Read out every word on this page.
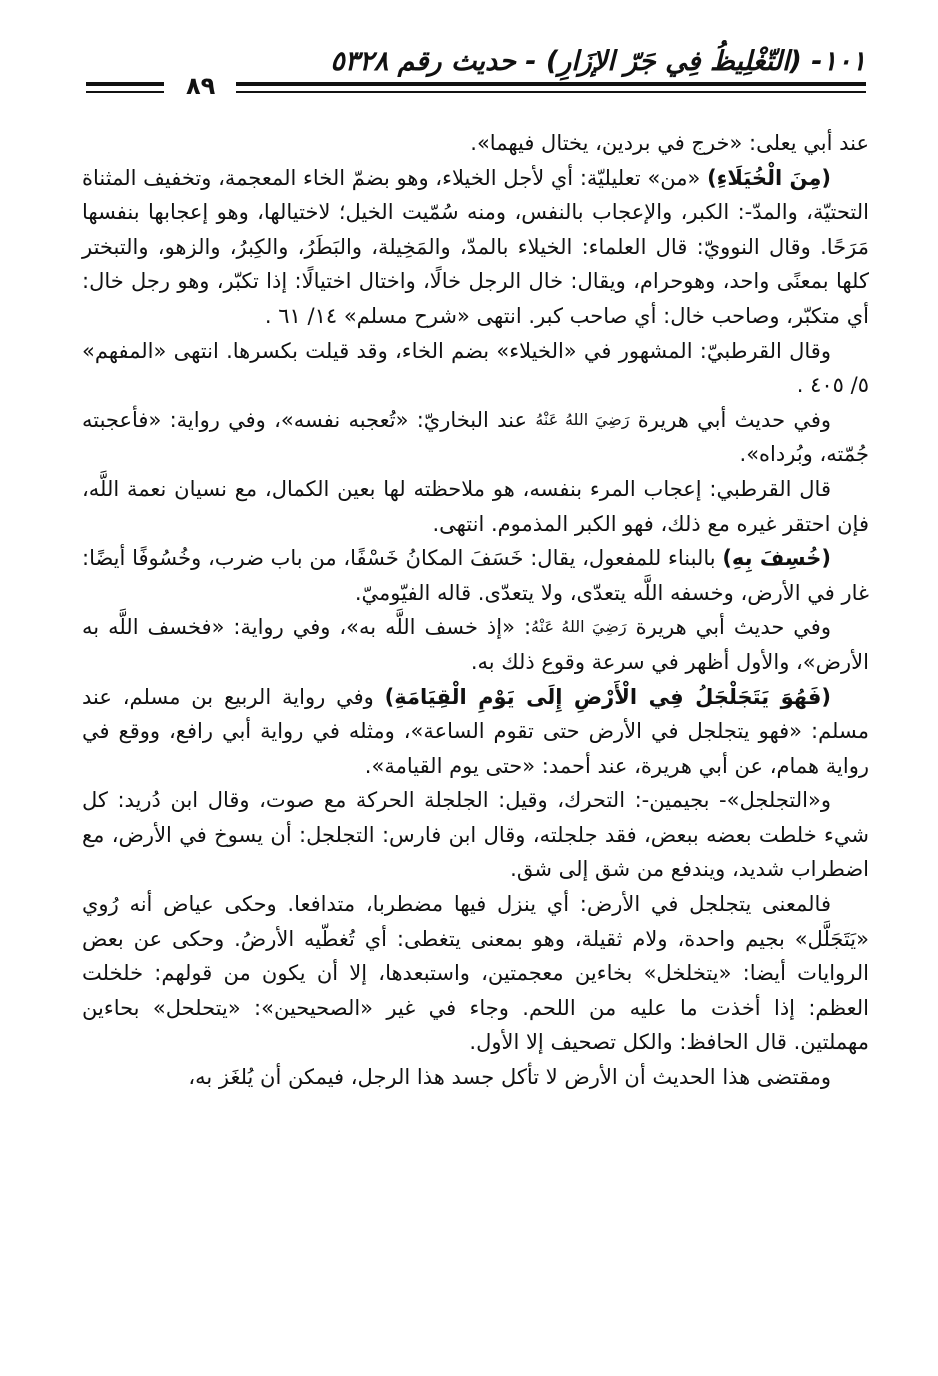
١٠١- (التّغْلِيظُ فِي جَرّ الإزَارِ) - حديث رقم ٥٣٢٨
٨٩

عند أبي يعلى: «خرج في بردين، يختال فيهما».

(مِنَ الْخُيَلَاءِ) «من» تعليليّة: أي لأجل الخيلاء، وهو بضمّ الخاء المعجمة، وتخفيف المثناة التحتيّة، والمدّ-: الكبر، والإعجاب بالنفس، ومنه سُمّيت الخيل؛ لاختيالها، وهو إعجابها بنفسها مَرَحًا. وقال النوويّ: قال العلماء: الخيلاء بالمدّ، والمَخِيلة، والبَطَرُ، والكِبرُ، والزهو، والتبختر كلها بمعنًى واحد، وهوحرام، ويقال: خال الرجل خالًا، واختال اختيالًا: إذا تكبّر، وهو رجل خال: أي متكبّر، وصاحب خال: أي صاحب كبر. انتهى «شرح مسلم» ١٤/ ٦١ .

وقال القرطبيّ: المشهور في «الخيلاء» بضم الخاء، وقد قيلت بكسرها. انتهى «المفهم» ٥/ ٤٠٥ .

وفي حديث أبي هريرة رَضِيَ اللهُ عَنْهُ عند البخاريّ: «تُعجبه نفسه»، وفي رواية: «فأعجبته جُمّته، وبُرداه».

قال القرطبي: إعجاب المرء بنفسه، هو ملاحظته لها بعين الكمال، مع نسيان نعمة اللَّه، فإن احتقر غيره مع ذلك، فهو الكبر المذموم. انتهى.

(خُسِفَ بِهِ) بالبناء للمفعول، يقال: خَسَفَ المكانُ خَسْفًا، من باب ضرب، وخُسُوفًا أيضًا: غار في الأرض، وخسفه اللَّه يتعدّى، ولا يتعدّى. قاله الفيّوميّ.

وفي حديث أبي هريرة رَضِيَ اللهُ عَنْهُ: «إذ خسف اللَّه به»، وفي رواية: «فخسف اللَّه به الأرض»، والأول أظهر في سرعة وقوع ذلك به.

(فَهُوَ يَتَجَلْجَلُ فِي الْأَرْضِ إِلَى يَوْمِ الْقِيَامَةِ) وفي رواية الربيع بن مسلم، عند مسلم: «فهو يتجلجل في الأرض حتى تقوم الساعة»، ومثله في رواية أبي رافع، ووقع في رواية همام، عن أبي هريرة، عند أحمد: «حتى يوم القيامة».

و«التجلجل»- بجيمين-: التحرك، وقيل: الجلجلة الحركة مع صوت، وقال ابن دُريد: كل شيء خلطت بعضه ببعض، فقد جلجلته، وقال ابن فارس: التجلجل: أن يسوخ في الأرض، مع اضطراب شديد، ويندفع من شق إلى شق.

فالمعنى يتجلجل في الأرض: أي ينزل فيها مضطربا، متدافعا. وحكى عياض أنه رُوي «يَتَجَلَّل» بجيم واحدة، ولام ثقيلة، وهو بمعنى يتغطى: أي تُغطّيه الأرضُ. وحكى عن بعض الروايات أيضا: «يتخلخل» بخاءين معجمتين، واستبعدها، إلا أن يكون من قولهم: خلخلت العظم: إذا أخذت ما عليه من اللحم. وجاء في غير «الصحيحين»: «يتحلحل» بحاءين مهملتين. قال الحافظ: والكل تصحيف إلا الأول.

ومقتضى هذا الحديث أن الأرض لا تأكل جسد هذا الرجل، فيمكن أن يُلغَز به،
